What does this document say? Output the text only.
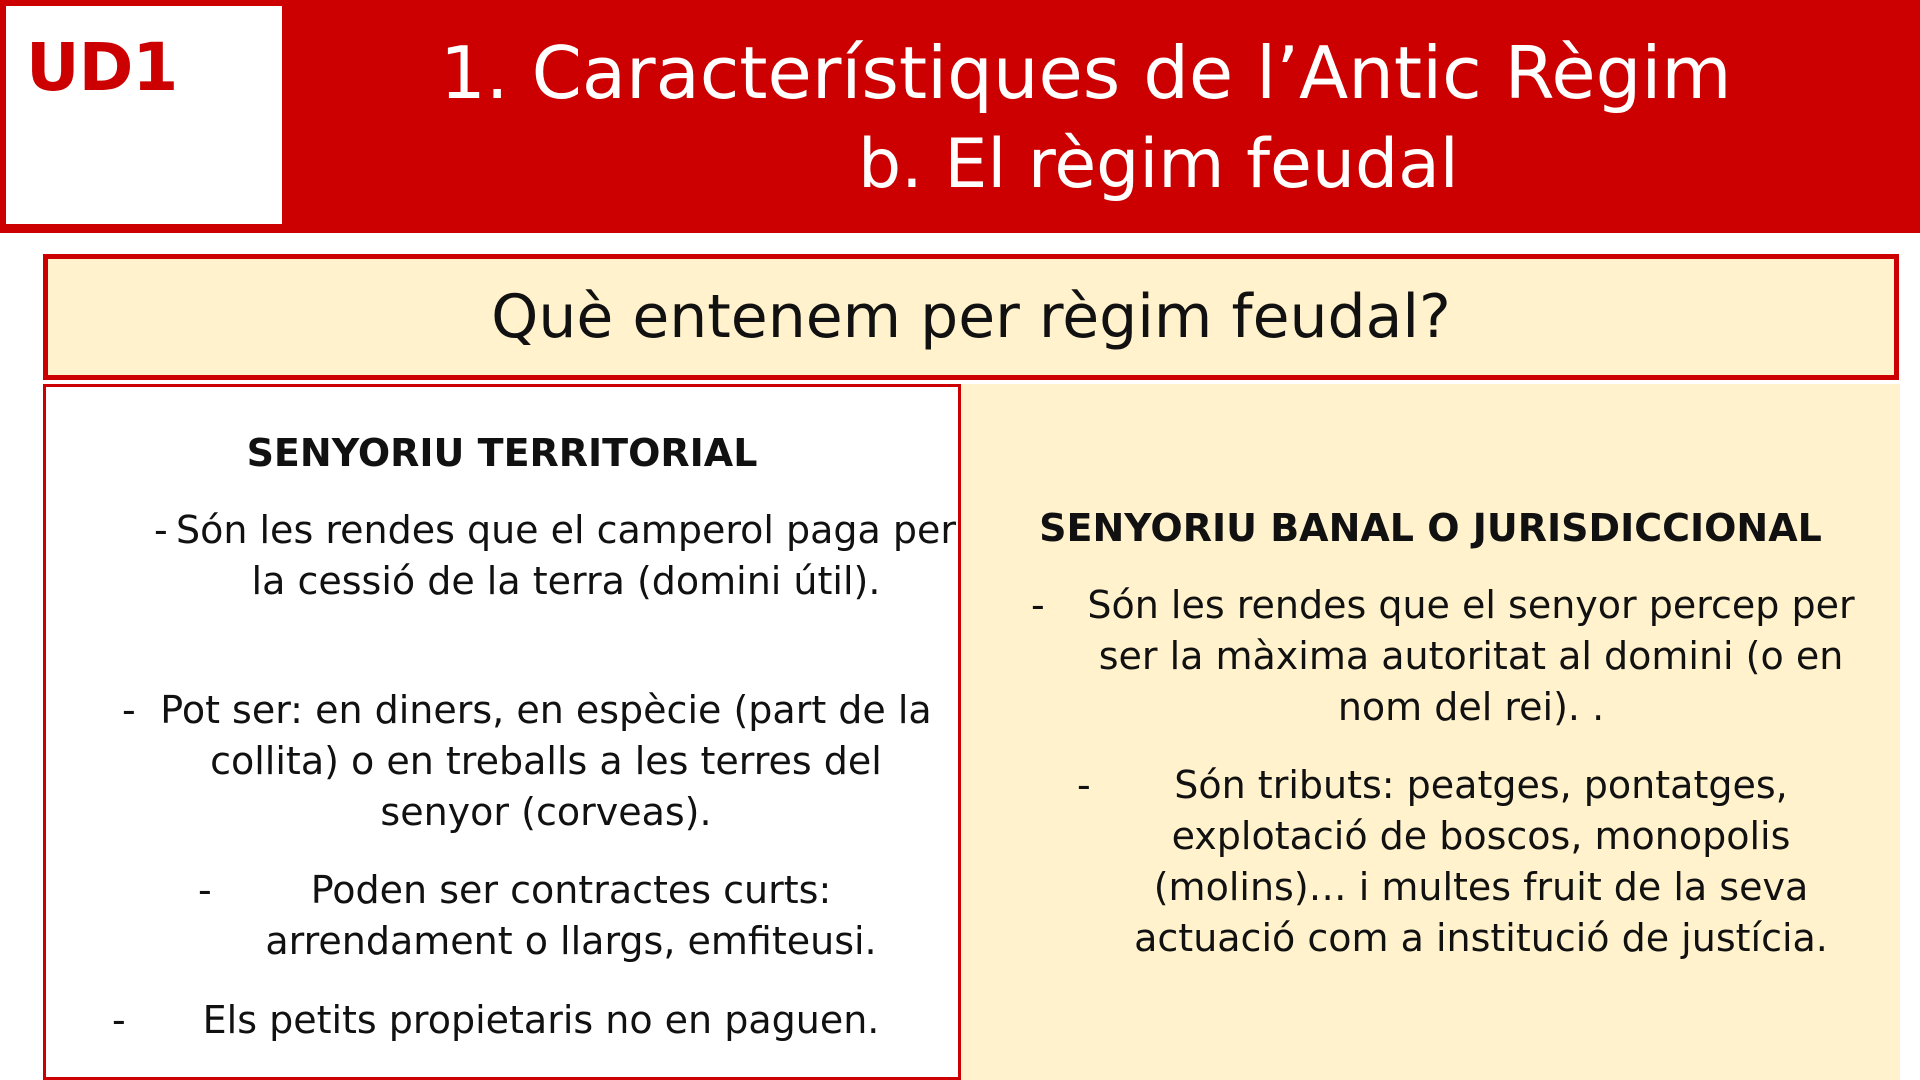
UD1	1. Característiques de l’Antic Règim
b. El règim feudal
Què entenem per règim feudal?
SENYORIU TERRITORIAL
- Són les rendes que el camperol paga per la cessió de la terra (domini útil).
- Pot ser: en diners, en espècie (part de la collita) o en treballs a les terres del senyor (corveas).
-	Poden ser contractes curts: arrendament o llargs, emfiteusi.
-	Els petits propietaris no en paguen.
SENYORIU BANAL O JURISDICCIONAL
-	Són les rendes que el senyor percep per ser la màxima autoritat al domini (o en nom del rei). .
-	Són tributs: peatges, pontatges, explotació de boscos, monopolis (molins)… i multes fruit de la seva actuació com a institució de justícia.
